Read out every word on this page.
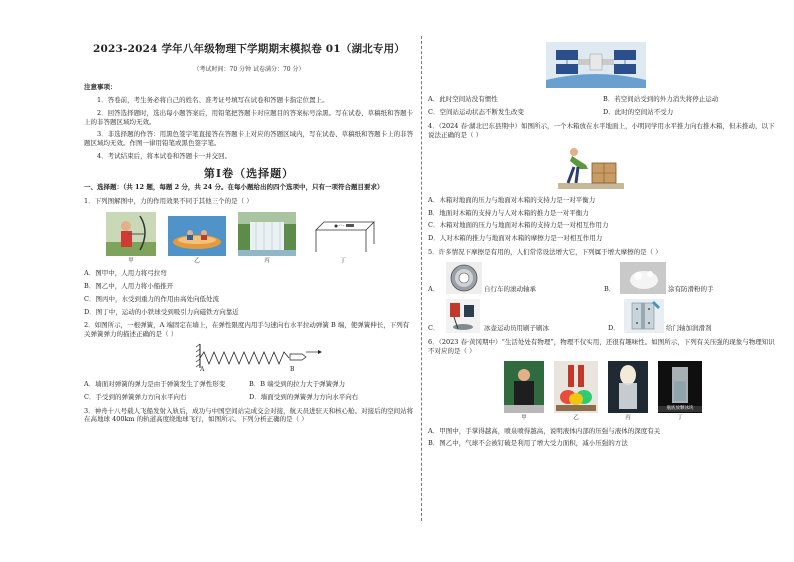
2023-2024 学年八年级物理下学期期末模拟卷 01（湖北专用）
（考试时间：70 分钟 试卷满分：70 分）
注意事项：

1．答卷前，考生务必将自己的姓名、准考证号填写在试卷和答题卡指定位置上。

2．回答选择题时，选出每小题答案后，用铅笔把答题卡对应题目的答案标号涂黑。写在试卷、草稿纸和答题卡上的非答题区域均无效。

3．非选择题的作答：用黑色签字笔直接答在答题卡上对应的答题区域内，写在试卷、草稿纸和答题卡上的非答题区域均无效。作图一律用铅笔或黑色签字笔。

4．考试结束后，将本试卷和答题卡一并交回。

第Ⅰ卷（选择题）
一、选择题：（共 12 题，每题 2 分，共 24 分。在每小题给出的四个选项中，只有一项符合题目要求）
1．下列图解图中，力的作用效果不同于其他三个的是（ ）
甲	乙	丙	丁
A．图甲中，人用力将弓拉弯
B．图乙中，人用力将小船推开
C．图丙中，水受到重力的作用由高处向低处流
D．图丁中，运动的小铁球受到吸引力向磁铁方向靠近
2．如图所示，一根弹簧，A 端固定在墙上，在弹性限度内用手匀速向右水平拉动弹簧 B 端，使弹簧伸长，下列有关弹簧弹力的描述正确的是（ ）
A	B
A．墙面对弹簧的弹力是由于弹簧发生了弹性形变	B．B 端受到的拉力大于弹簧弹力
C．手受到的弹簧弹力方向水平向右	D．墙面受到的弹簧弹力方向水平向右
3．神舟十八号载人飞船发射入轨后，成功与中国空间站完成交会对接，航天员进驻天和核心舱。对接后的空间站将在高地球 400km 的轨道高度绕地球飞行，如图所示。下列分析正确的是（ ）
A．此时空间站没有惯性	B．若空间站受到的外力消失将停止运动
C．空间站运动状态不断发生改变	D．此时的空间站不受力
4．（2024 春·湖北巴东县期中）如图所示，一个木箱放在水平地面上，小明同学用水平推力向右推木箱，但未推动，以下说法正确的是（ ）
A．木箱对地面的压力与地面对木箱的支持力是一对平衡力
B．地面对木箱的支持力与人对木箱的推力是一对平衡力
C．木箱对地面的压力与地面对木箱的支持力是一对相互作用力
D．人对木箱的推力与地面对木箱的摩擦力是一对相互作用力
5．许多情况下摩擦是有用的，人们常常设法增大它，下列属于增大摩擦的是（ ）
A．	自行车的滚动轴承	B．	涂有防滑粉的手
C．	冰壶运动员用刷子刷冰	D．	给门轴加润滑剂
6．（2023 春·黄冈期中）“生活处处有物理”，物理不仅实用，还很有趣味性。如图所示，下列有关压强的现象与物理知识不对应的是（ ）
甲	乙	丙
瓶底放颗冰块
丁
A．甲图中，手掌得越高，喷泉喷得越高，说明液体内部的压强与液体的深度有关
B．图乙中，气球不会被钉破是利用了增大受力面积，减小压强的方法
